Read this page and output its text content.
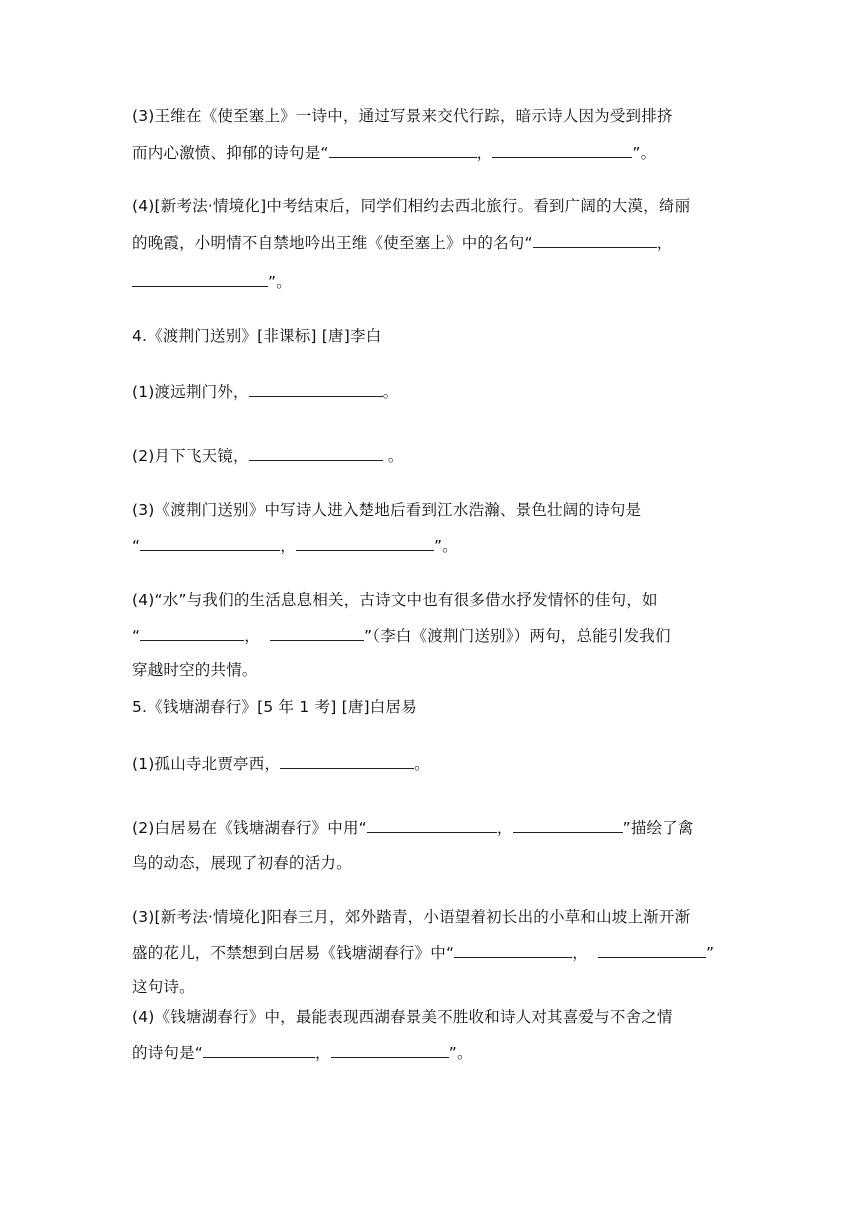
(3)王维在《使至塞上》一诗中，通过写景来交代行踪，暗示诗人因为受到排挤
而内心激愤、抑郁的诗句是“	，	”。
(4)[新考法·情境化]中考结束后，同学们相约去西北旅行。看到广阔的大漠，绮丽
的晚霞，小明情不自禁地吟出王维《使至塞上》中的名句“	，
”。
4.《渡荆门送别》[非课标] [唐]李白
(1)渡远荆门外，	。
(2)月下飞天镜，	。
(3)《渡荆门送别》中写诗人进入楚地后看到江水浩瀚、景色壮阔的诗句是
“	，	”。
(4)“水”与我们的生活息息相关，古诗文中也有很多借水抒发情怀的佳句，如
“	，	”（李白《渡荆门送别》）两句，总能引发我们
穿越时空的共情。
5.《钱塘湖春行》[5 年 1 考] [唐]白居易
(1)孤山寺北贾亭西，	。
(2)白居易在《钱塘湖春行》中用“	，	”描绘了禽
鸟的动态，展现了初春的活力。
(3)[新考法·情境化]阳春三月，郊外踏青，小语望着初长出的小草和山坡上渐开渐
盛的花儿，不禁想到白居易《钱塘湖春行》中“	，	”
这句诗。
(4)《钱塘湖春行》中，最能表现西湖春景美不胜收和诗人对其喜爱与不舍之情
的诗句是“	，	”。
